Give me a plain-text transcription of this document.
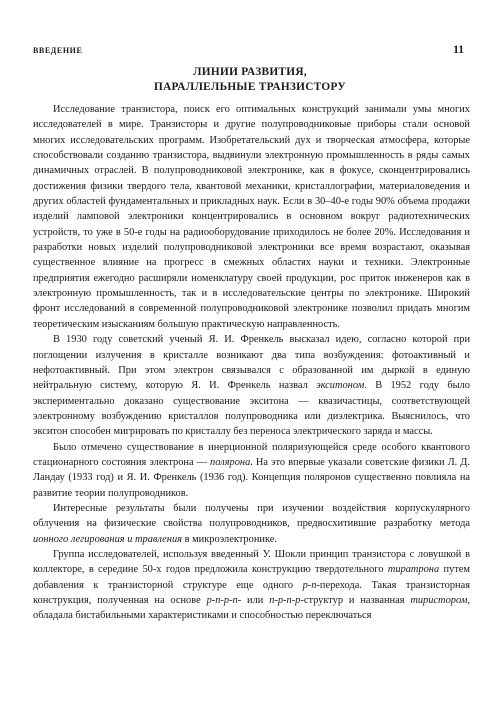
ВВЕДЕНИЕ	11
ЛИНИИ РАЗВИТИЯ,
ПАРАЛЛЕЛЬНЫЕ ТРАНЗИСТОРУ

Исследование транзистора, поиск его оптимальных конструкций занимали умы многих исследователей в мире. Транзисторы и другие полупроводниковые приборы стали основой многих исследовательских программ. Изобретательский дух и творческая атмосфера, которые способствовали созданию транзистора, выдвинули электронную промышленность в ряды самых динамичных отраслей. В полупроводниковой электронике, как в фокусе, сконцентрировались достижения физики твердого тела, квантовой механики, кристаллографии, материаловедения и других областей фундаментальных и прикладных наук. Если в 30–40-е годы 90% объема продажи изделий ламповой электроники концентрировались в основном вокруг радиотехнических устройств, то уже в 50-е годы на радиооборудование приходилось не более 20%. Исследования и разработки новых изделий полупроводниковой электроники все время возрастают, оказывая существенное влияние на прогресс в смежных областях науки и техники. Электронные предприятия ежегодно расширяли номенклатуру своей продукции, рос приток инженеров как в электронную промышленность, так и в исследовательские центры по электронике. Широкий фронт исследований в современной полупроводниковой электронике позволил придать многим теоретическим изысканиям большую практическую направленность.

В 1930 году советский ученый Я. И. Френкель высказал идею, согласно которой при поглощении излучения в кристалле возникают два типа возбуждения: фотоактивный и нефотоактивный. При этом электрон связывался с образованной им дыркой в единую нейтральную систему, которую Я. И. Френкель назвал экситоном. В 1952 году было экспериментально доказано существование экситона — квазичастицы, соответствующей электронному возбуждению кристаллов полупроводника или диэлектрика. Выяснилось, что экситон способен мигрировать по кристаллу без переноса электрического заряда и массы.

Было отмечено существование в инерционной поляризующейся среде особого квантового стационарного состояния электрона — полярона. На это впервые указали советские физики Л. Д. Ландау (1933 год) и Я. И. Френкель (1936 год). Концепция поляронов существенно повлияла на развитие теории полупроводников.

Интересные результаты были получены при изучении воздействия корпускулярного облучения на физические свойства полупроводников, предвосхитившие разработку метода ионного легирования и травления в микроэлектронике.

Группа исследователей, используя введенный У. Шокли принцип транзистора с ловушкой в коллекторе, в середине 50-х годов предложила конструкцию твердотельного тиратрона путем добавления к транзисторной структуре еще одного p-n-перехода. Такая транзисторная конструкция, полученная на основе p-n-p-n- или n-p-n-p-структур и названная тиристором, обладала бистабильными характеристиками и способностью переключаться
